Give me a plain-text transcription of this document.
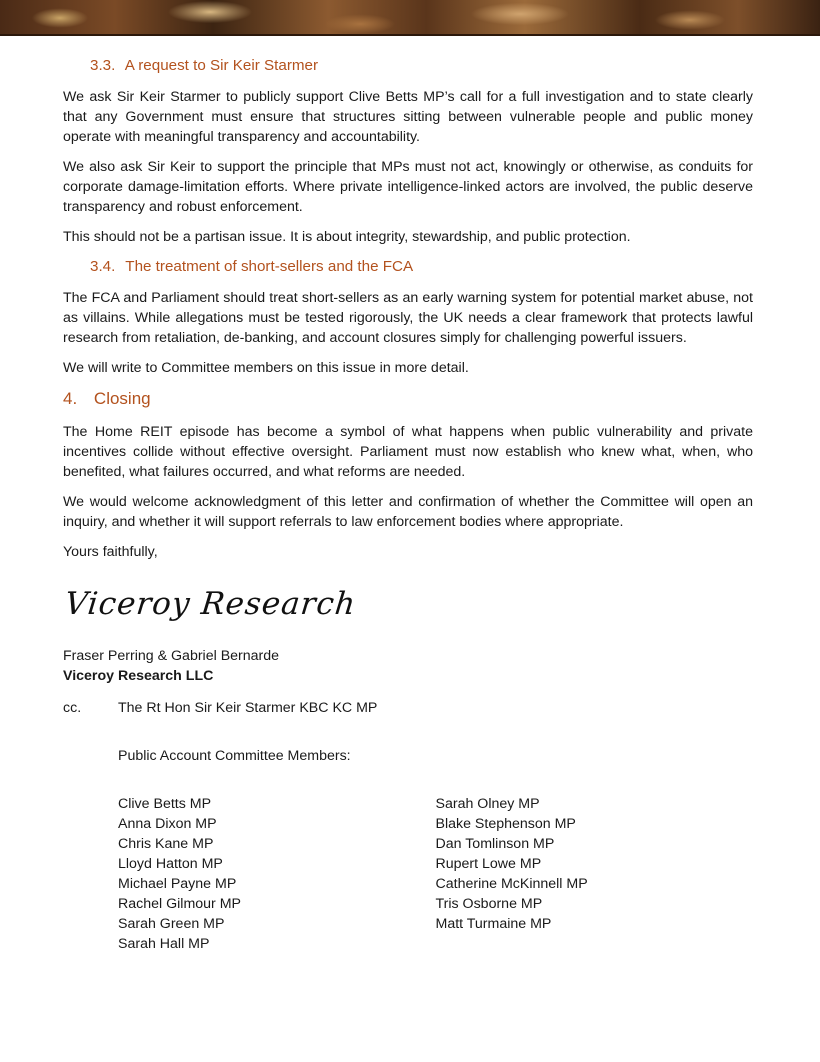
3.3. A request to Sir Keir Starmer

We ask Sir Keir Starmer to publicly support Clive Betts MP’s call for a full investigation and to state clearly that any Government must ensure that structures sitting between vulnerable people and public money operate with meaningful transparency and accountability.

We also ask Sir Keir to support the principle that MPs must not act, knowingly or otherwise, as conduits for corporate damage-limitation efforts. Where private intelligence-linked actors are involved, the public deserve transparency and robust enforcement.

This should not be a partisan issue. It is about integrity, stewardship, and public protection.

3.4. The treatment of short-sellers and the FCA

The FCA and Parliament should treat short-sellers as an early warning system for potential market abuse, not as villains. While allegations must be tested rigorously, the UK needs a clear framework that protects lawful research from retaliation, de-banking, and account closures simply for challenging powerful issuers.

We will write to Committee members on this issue in more detail.

4. Closing

The Home REIT episode has become a symbol of what happens when public vulnerability and private incentives collide without effective oversight. Parliament must now establish who knew what, when, who benefited, what failures occurred, and what reforms are needed.

We would welcome acknowledgment of this letter and confirmation of whether the Committee will open an inquiry, and whether it will support referrals to law enforcement bodies where appropriate.

Yours faithfully,

Viceroy Research

Fraser Perring & Gabriel Bernarde

Viceroy Research LLC

cc.	The Rt Hon Sir Keir Starmer KBC KC MP
Public Account Committee Members:
Clive Betts MP
Anna Dixon MP
Chris Kane MP
Lloyd Hatton MP
Michael Payne MP
Rachel Gilmour MP
Sarah Green MP
Sarah Hall MP
Sarah Olney MP
Blake Stephenson MP
Dan Tomlinson MP
Rupert Lowe MP
Catherine McKinnell MP
Tris Osborne MP
Matt Turmaine MP
